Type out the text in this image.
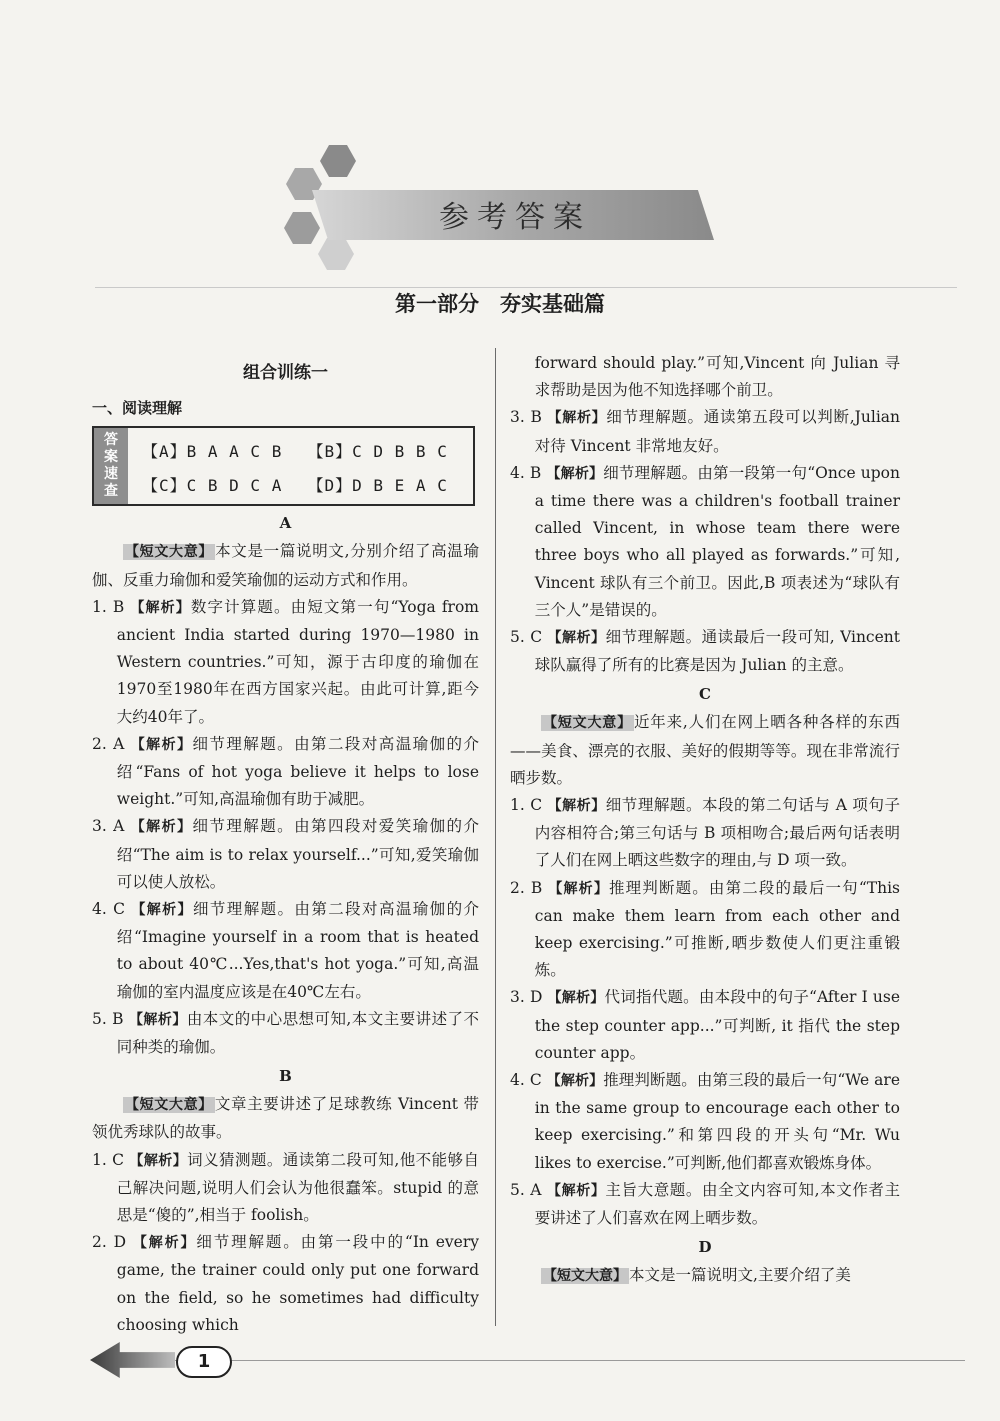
参考答案
第一部分　夯实基础篇
组合训练一
一、阅读理解
答
案
速
查
【A】B A A C B	【B】C D B B C
【C】C B D C A	【D】D B E A C
A

【短文大意】 本文是一篇说明文,分别介绍了高温瑜伽、反重力瑜伽和爱笑瑜伽的运动方式和作用。

1. B 【解析】数字计算题。由短文第一句“Yoga from ancient India started during 1970—1980 in Western countries.”可知，源于古印度的瑜伽在1970至1980年在西方国家兴起。由此可计算,距今大约40年了。

2. A 【解析】细节理解题。由第二段对高温瑜伽的介绍“Fans of hot yoga believe it helps to lose weight.”可知,高温瑜伽有助于减肥。

3. A 【解析】细节理解题。由第四段对爱笑瑜伽的介绍“The aim is to relax yourself...”可知,爱笑瑜伽可以使人放松。

4. C 【解析】细节理解题。由第二段对高温瑜伽的介绍“Imagine yourself in a room that is heated to about 40℃...Yes,that's hot yoga.”可知,高温瑜伽的室内温度应该是在40℃左右。

5. B 【解析】由本文的中心思想可知,本文主要讲述了不同种类的瑜伽。

B

【短文大意】 文章主要讲述了足球教练 Vincent 带领优秀球队的故事。

1. C 【解析】词义猜测题。通读第二段可知,他不能够自己解决问题,说明人们会认为他很蠢笨。stupid 的意思是“傻的”,相当于 foolish。

2. D 【解析】细节理解题。由第一段中的“In every game, the trainer could only put one forward on the field, so he sometimes had difficulty choosing which

forward should play.”可知,Vincent 向 Julian 寻求帮助是因为他不知选择哪个前卫。

3. B 【解析】细节理解题。通读第五段可以判断,Julian 对待 Vincent 非常地友好。

4. B 【解析】细节理解题。由第一段第一句“Once upon a time there was a children's football trainer called Vincent, in whose team there were three boys who all played as forwards.”可知, Vincent 球队有三个前卫。因此,B 项表述为“球队有三个人”是错误的。

5. C 【解析】细节理解题。通读最后一段可知, Vincent 球队赢得了所有的比赛是因为 Julian 的主意。

C

【短文大意】 近年来,人们在网上晒各种各样的东西——美食、漂亮的衣服、美好的假期等等。现在非常流行晒步数。

1. C 【解析】细节理解题。本段的第二句话与 A 项句子内容相符合;第三句话与 B 项相吻合;最后两句话表明了人们在网上晒这些数字的理由,与 D 项一致。

2. B 【解析】推理判断题。由第二段的最后一句“This can make them learn from each other and keep exercising.”可推断,晒步数使人们更注重锻炼。

3. D 【解析】代词指代题。由本段中的句子“After I use the step counter app...”可判断, it 指代 the step counter app。

4. C 【解析】推理判断题。由第三段的最后一句“We are in the same group to encourage each other to keep exercising.”和第四段的开头句“Mr. Wu likes to exercise.”可判断,他们都喜欢锻炼身体。

5. A 【解析】主旨大意题。由全文内容可知,本文作者主要讲述了人们喜欢在网上晒步数。

D

【短文大意】 本文是一篇说明文,主要介绍了美

1
